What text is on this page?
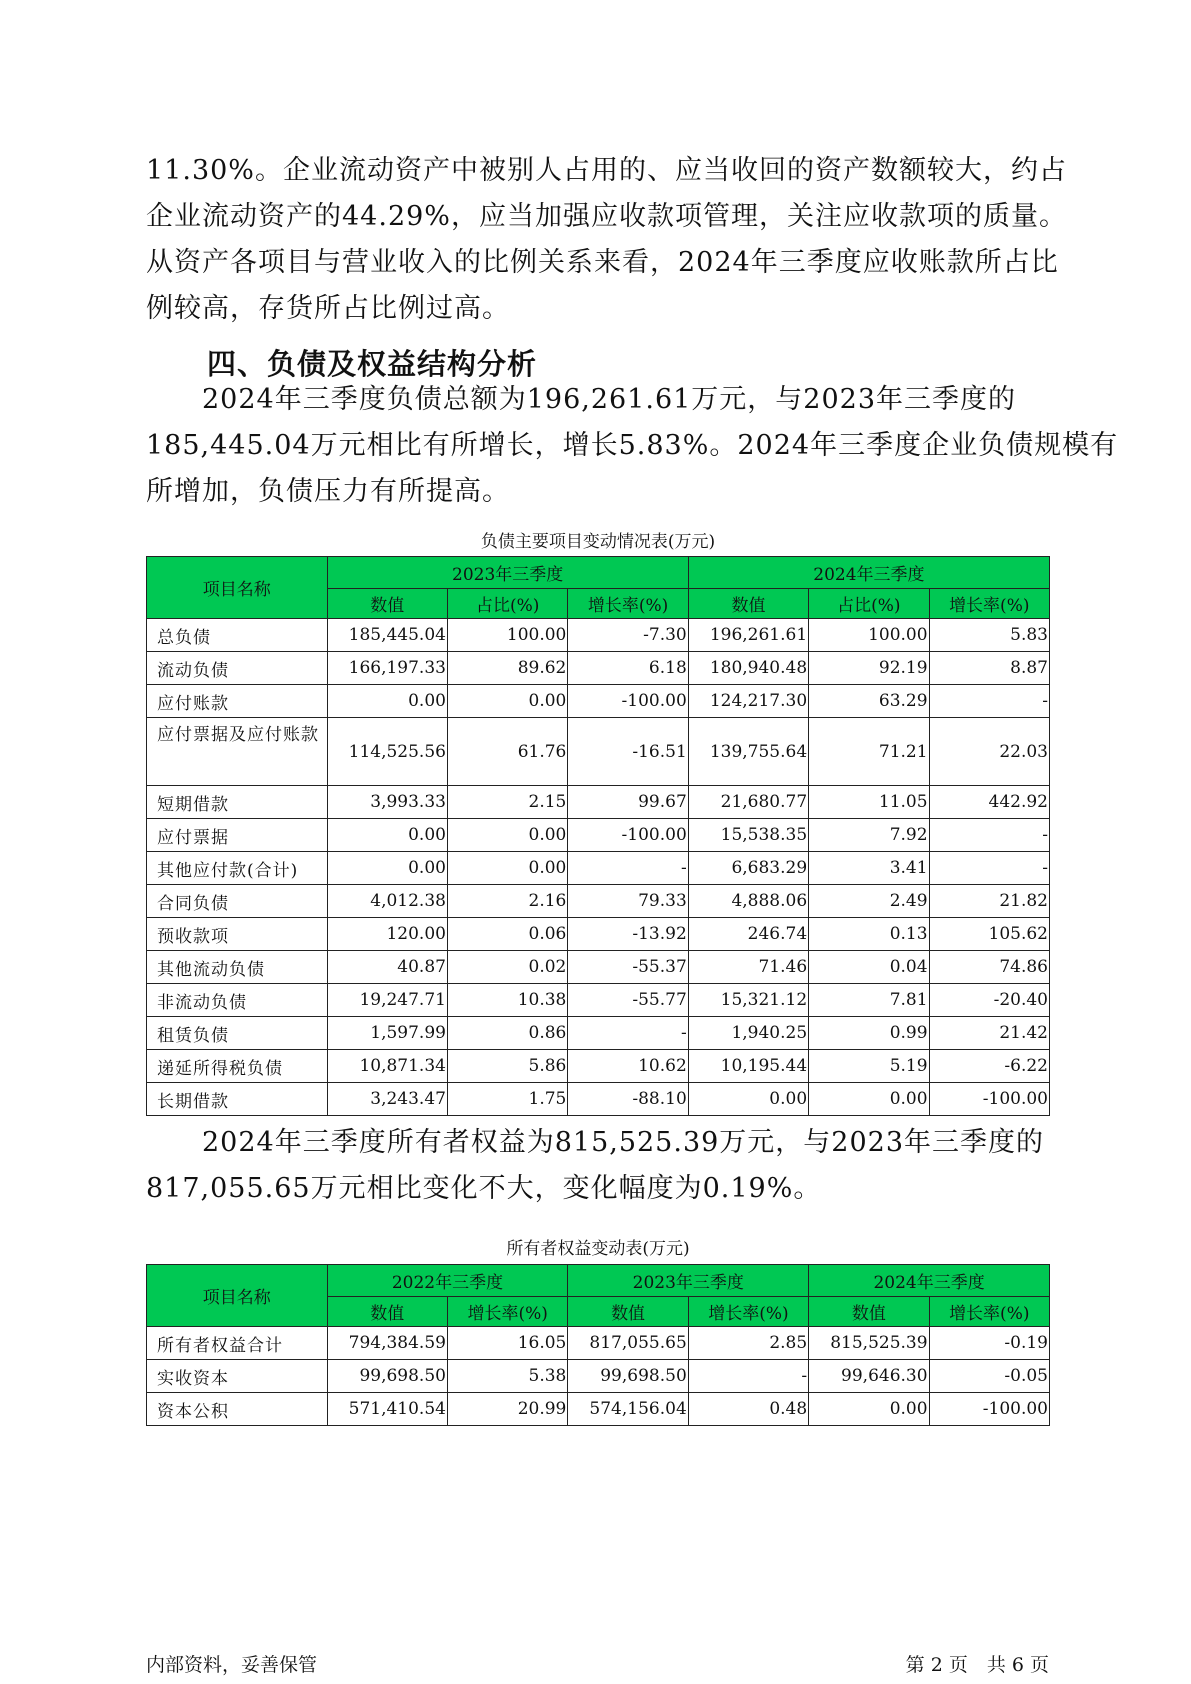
11.30%。企业流动资产中被别人占用的、应当收回的资产数额较大，约占
企业流动资产的44.29%，应当加强应收款项管理，关注应收款项的质量。
从资产各项目与营业收入的比例关系来看，2024年三季度应收账款所占比
例较高，存货所占比例过高。
四、负债及权益结构分析
　　2024年三季度负债总额为196,261.61万元，与2023年三季度的
185,445.04万元相比有所增长，增长5.83%。2024年三季度企业负债规模有
所增加，负债压力有所提高。
负债主要项目变动情况表(万元)
项目名称	2023年三季度			2024年三季度		
	数值	占比(%)	增长率(%)	数值	占比(%)	增长率(%)
总负债	185,445.04	100.00	-7.30	196,261.61	100.00	5.83
流动负债	166,197.33	89.62	6.18	180,940.48	92.19	8.87
应付账款	0.00	0.00	-100.00	124,217.30	63.29	-
应付票据及应付账款	114,525.56	61.76	-16.51	139,755.64	71.21	22.03
短期借款	3,993.33	2.15	99.67	21,680.77	11.05	442.92
应付票据	0.00	0.00	-100.00	15,538.35	7.92	-
其他应付款(合计)	0.00	0.00	-	6,683.29	3.41	-
合同负债	4,012.38	2.16	79.33	4,888.06	2.49	21.82
预收款项	120.00	0.06	-13.92	246.74	0.13	105.62
其他流动负债	40.87	0.02	-55.37	71.46	0.04	74.86
非流动负债	19,247.71	10.38	-55.77	15,321.12	7.81	-20.40
租赁负债	1,597.99	0.86	-	1,940.25	0.99	21.42
递延所得税负债	10,871.34	5.86	10.62	10,195.44	5.19	-6.22
长期借款	3,243.47	1.75	-88.10	0.00	0.00	-100.00
　　2024年三季度所有者权益为815,525.39万元，与2023年三季度的
817,055.65万元相比变化不大，变化幅度为0.19%。
所有者权益变动表(万元)
项目名称	2022年三季度		2023年三季度		2024年三季度	
	数值	增长率(%)	数值	增长率(%)	数值	增长率(%)
所有者权益合计	794,384.59	16.05	817,055.65	2.85	815,525.39	-0.19
实收资本	99,698.50	5.38	99,698.50	-	99,646.30	-0.05
资本公积	571,410.54	20.99	574,156.04	0.48	0.00	-100.00
内部资料，妥善保管	第 2 页　共 6 页
